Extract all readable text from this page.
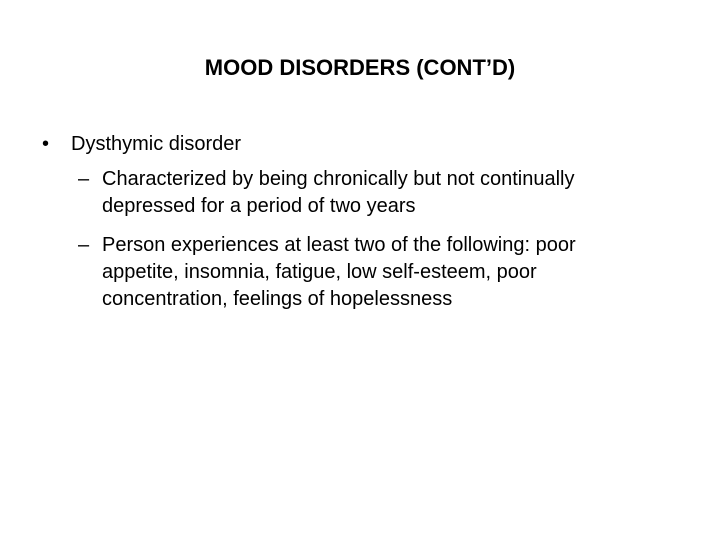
MOOD DISORDERS (CONT’D)
• Dysthymic disorder
– Characterized by being chronically but not continually
depressed for a period of two years
– Person experiences at least two of the following: poor
appetite, insomnia, fatigue, low self-esteem, poor
concentration, feelings of hopelessness
